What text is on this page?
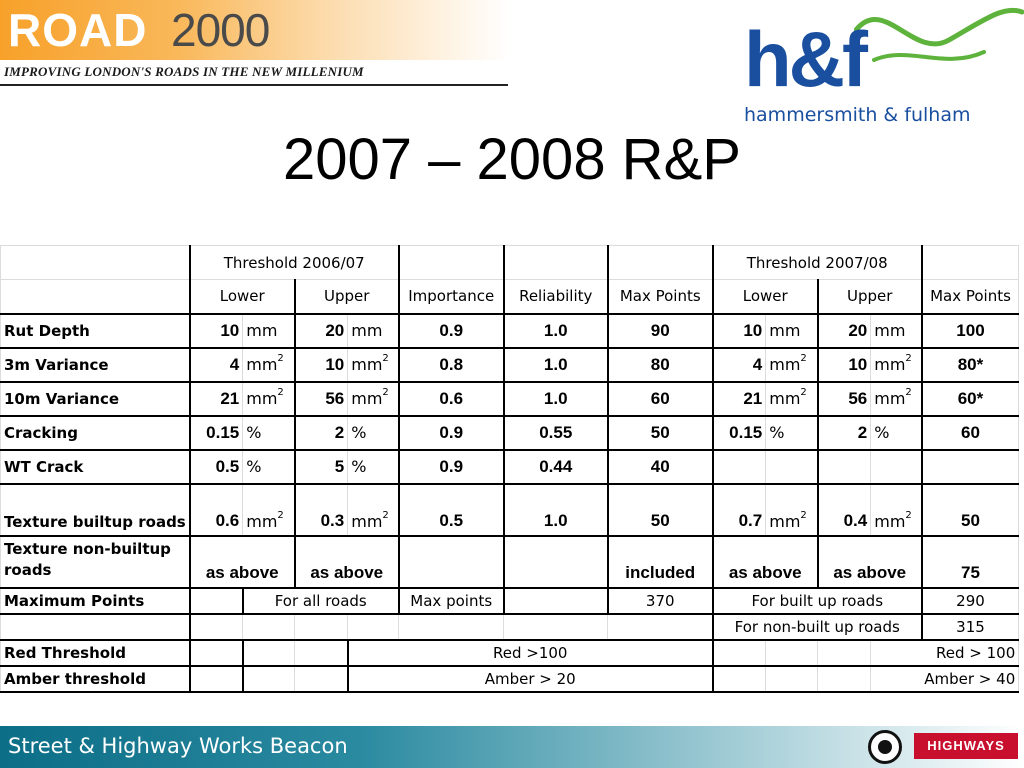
ROAD 2000
IMPROVING LONDON'S ROADS IN THE NEW MILLENIUM	h&f
hammersmith & fulham
2007 – 2008 R&P
	Threshold 2006/07							Threshold 2007/08				
	Lower		Upper		Importance	Reliability	Max Points	Lower		Upper		Max Points
Rut Depth	10	mm	20	mm	0.9	1.0	90	10	mm	20	mm	100
3m Variance	4	$mm^2$	10	$mm^2$	0.8	1.0	80	4	$mm^2$	10	$mm^2$	80*
10m Variance	21	$mm^2$	56	$mm^2$	0.6	1.0	60	21	$mm^2$	56	$mm^2$	60*
Cracking	0.15	%	2	%	0.9	0.55	50	0.15	%	2	%	60
WT Crack	0.5	%	5	%	0.9	0.44	40					
Texture builtup roads	0.6	$mm^2$	0.3	$mm^2$	0.5	1.0	50	0.7	$mm^2$	0.4	$mm^2$	50

Texture non-builtup
roads	as above		as above				included	as above		as above		75
Maximum Points		For all roads			Max points		370	For built up roads				290
								For non-built up roads				315
Red Threshold				Red >100							Red > 100	
Amber threshold				Amber > 20							Amber > 40	
Street & Highway Works Beacon	HIGHWAYS
